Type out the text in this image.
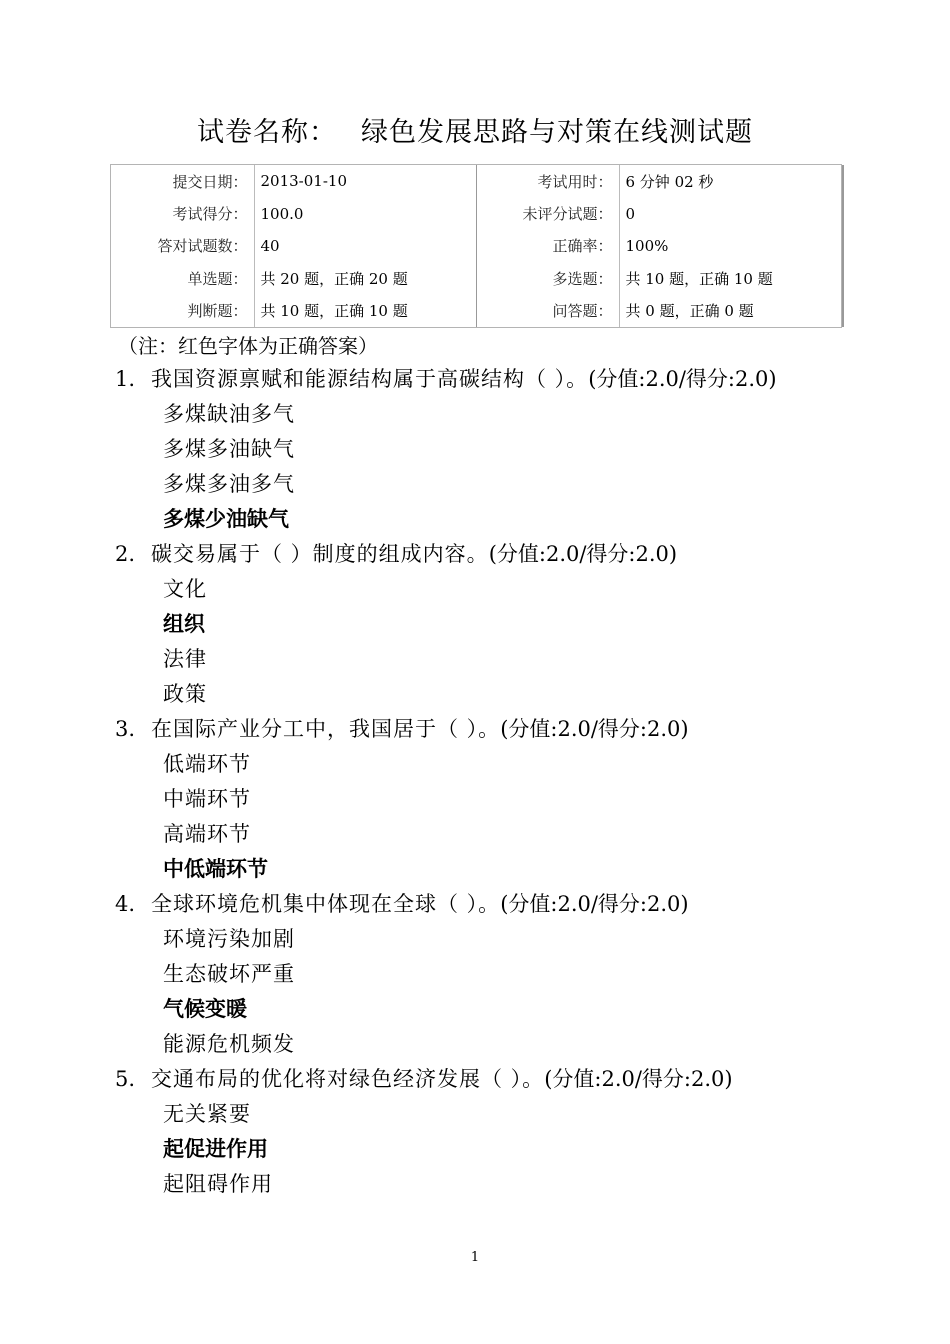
试卷名称： 绿色发展思路与对策在线测试题
提交日期：	2013-01-10	考试用时：	6 分钟 02 秒
考试得分：	100.0	未评分试题：	0
答对试题数：	40	正确率：	100%
单选题：	共 20 题，正确 20 题	多选题：	共 10 题，正确 10 题
判断题：	共 10 题，正确 10 题	问答题：	共 0 题，正确 0 题
（注：红色字体为正确答案）
1. 我国资源禀赋和能源结构属于高碳结构（ ）。(分值:2.0/得分:2.0)
多煤缺油多气
多煤多油缺气
多煤多油多气
多煤少油缺气
2. 碳交易属于（ ）制度的组成内容。(分值:2.0/得分:2.0)
文化
组织
法律
政策
3. 在国际产业分工中，我国居于（ ）。(分值:2.0/得分:2.0)
低端环节
中端环节
高端环节
中低端环节
4. 全球环境危机集中体现在全球（ ）。(分值:2.0/得分:2.0)
环境污染加剧
生态破坏严重
气候变暖
能源危机频发
5. 交通布局的优化将对绿色经济发展（ ）。(分值:2.0/得分:2.0)
无关紧要
起促进作用
起阻碍作用
1
